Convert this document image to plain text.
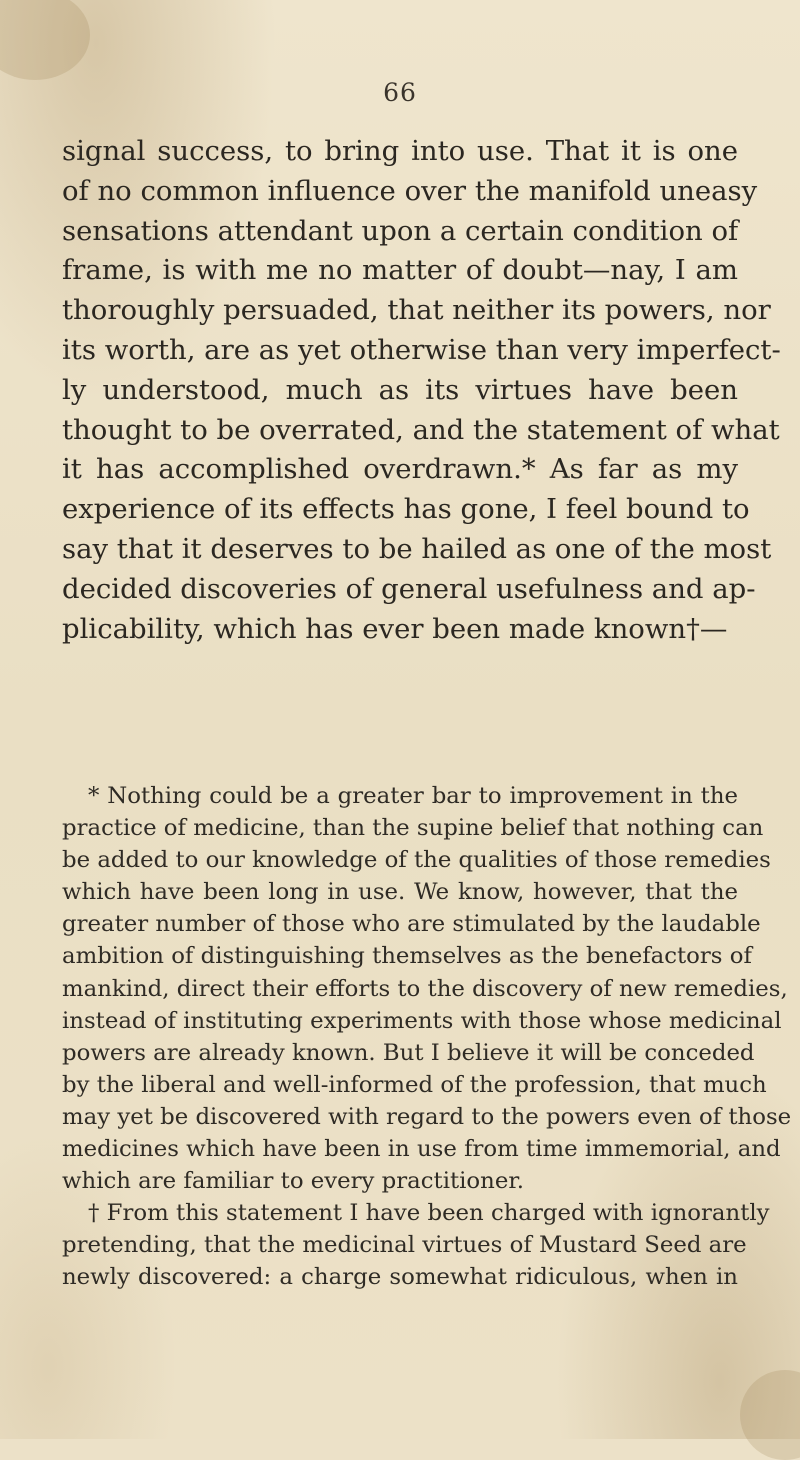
66
signal success, to bring into use. That it is one
of no common influence over the manifold uneasy
sensations attendant upon a certain condition of
frame, is with me no matter of doubt—nay, I am
thoroughly persuaded, that neither its powers, nor
its worth, are as yet otherwise than very imperfect-
ly understood, much as its virtues have been
thought to be overrated, and the statement of what
it has accomplished overdrawn.* As far as my
experience of its effects has gone, I feel bound to
say that it deserves to be hailed as one of the most
decided discoveries of general usefulness and ap-
plicability, which has ever been made known†—
* Nothing could be a greater bar to improvement in the
practice of medicine, than the supine belief that nothing can
be added to our knowledge of the qualities of those remedies
which have been long in use. We know, however, that the
greater number of those who are stimulated by the laudable
ambition of distinguishing themselves as the benefactors of
mankind, direct their efforts to the discovery of new remedies,
instead of instituting experiments with those whose medicinal
powers are already known. But I believe it will be conceded
by the liberal and well-informed of the profession, that much
may yet be discovered with regard to the powers even of those
medicines which have been in use from time immemorial, and
which are familiar to every practitioner.
† From this statement I have been charged with ignorantly
pretending, that the medicinal virtues of Mustard Seed are
newly discovered: a charge somewhat ridiculous, when in
